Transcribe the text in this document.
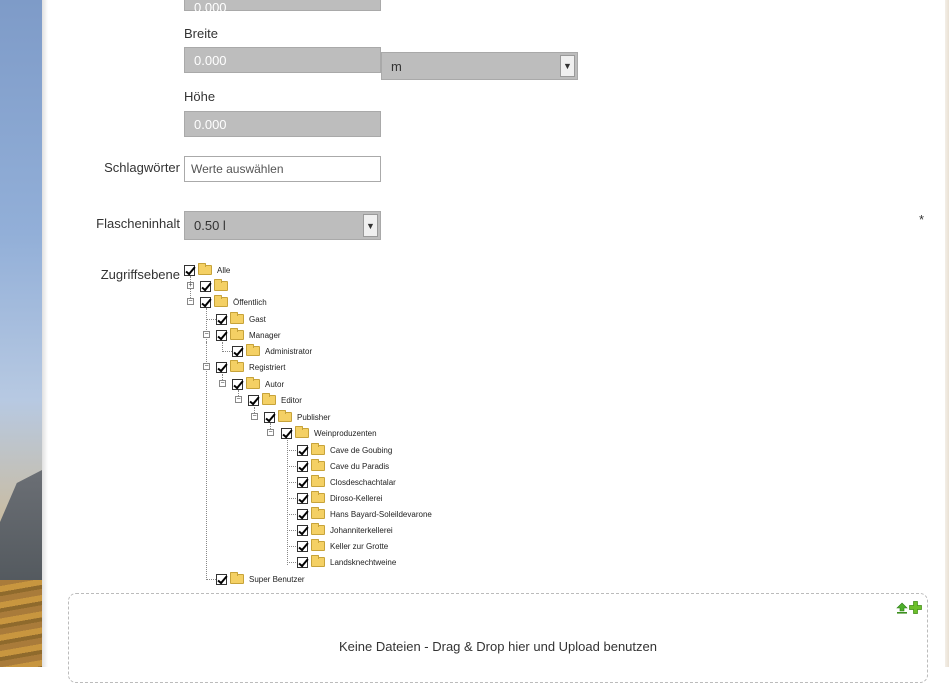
0.000
Breite
0.000	m	▼
Höhe
0.000
Schlagwörter Werte auswählen
Flascheninhalt 0.50 l	▼	*
Zugriffsebene
+
−
−
−
−
−
−
−
Alle
Öffentlich
Gast
Manager
Administrator
Registriert
Autor
Editor
Publisher
Weinproduzenten
Cave de Goubing
Cave du Paradis
Closdeschachtalar
Diroso-Kellerei
Hans Bayard-Soleildevarone
Johanniterkellerei
Keller zur Grotte
Landsknechtweine
Super Benutzer
Keine Dateien - Drag & Drop hier und Upload benutzen
